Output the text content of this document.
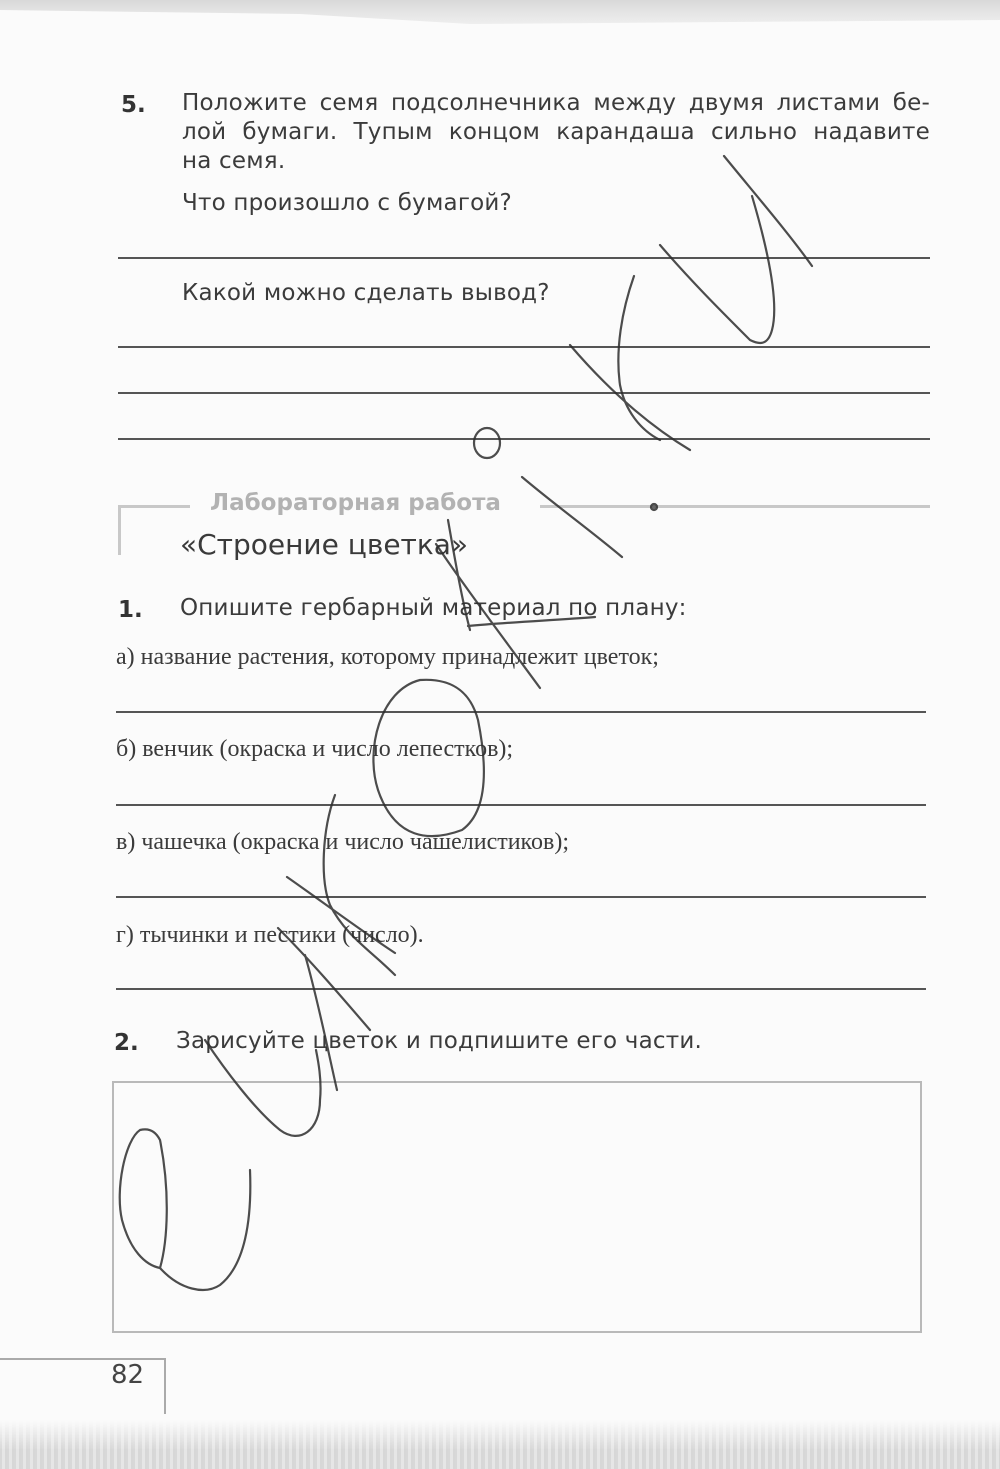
5. Положите семя подсолнечника между двумя листами бе-
лой бумаги. Тупым концом карандаша сильно надавите
на семя.
Что произошло с бумагой?
Какой можно сделать вывод?
Лабораторная работа
«Строение цветка»
1. Опишите гербарный материал по плану:
а) название растения, которому принадлежит цветок;
б) венчик (окраска и число лепестков);
в) чашечка (окраска и число чашелистиков);
г) тычинки и пестики (число).
2. Зарисуйте цветок и подпишите его части.
82
